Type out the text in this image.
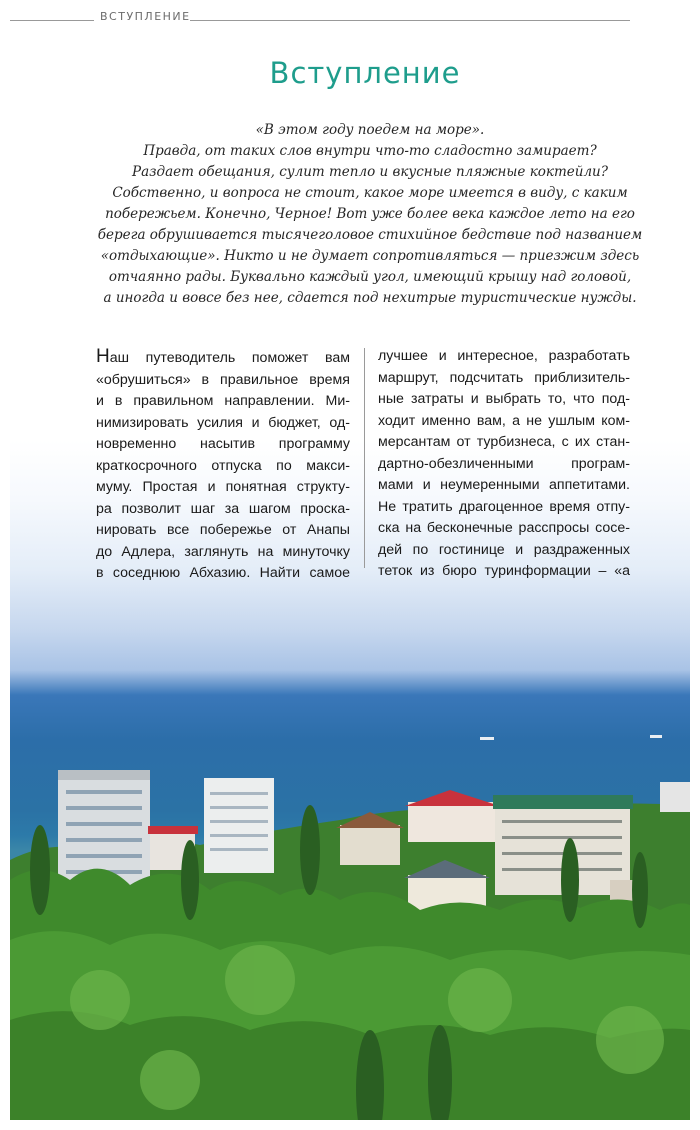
ВСТУПЛЕНИЕ
Вступление
«В этом году поедем на море».
Правда, от таких слов внутри что-то сладостно замирает?
Раздает обещания, сулит тепло и вкусные пляжные коктейли?
Собственно, и вопроса не стоит, какое море имеется в виду, с каким
побережьем. Конечно, Черное! Вот уже более века каждое лето на его
берега обрушивается тысячеголовое стихийное бедствие под названием
«отдыхающие». Никто и не думает сопротивляться — приезжим здесь
отчаянно рады. Буквально каждый угол, имеющий крышу над головой,
а иногда и вовсе без нее, сдается под нехитрые туристические нужды.
Наш путеводитель поможет вам
«обрушиться» в правильное время
и в правильном направлении. Ми-
нимизировать усилия и бюджет, од-
новременно насытив программу
краткосрочного отпуска по макси-
муму. Простая и понятная структу-
ра позволит шаг за шагом проска-
нировать все побережье от Анапы
до Адлера, заглянуть на минуточку
в соседнюю Абхазию. Найти самое
лучшее и интересное, разработать
маршрут, подсчитать приблизитель-
ные затраты и выбрать то, что под-
ходит именно вам, а не ушлым ком-
мерсантам от турбизнеса, с их стан-
дартно-обезличенными програм-
мами и неумеренными аппетитами.
Не тратить драгоценное время отпу-
ска на бесконечные расспросы сосе-
дей по гостинице и раздраженных
теток из бюро туринформации – «а
